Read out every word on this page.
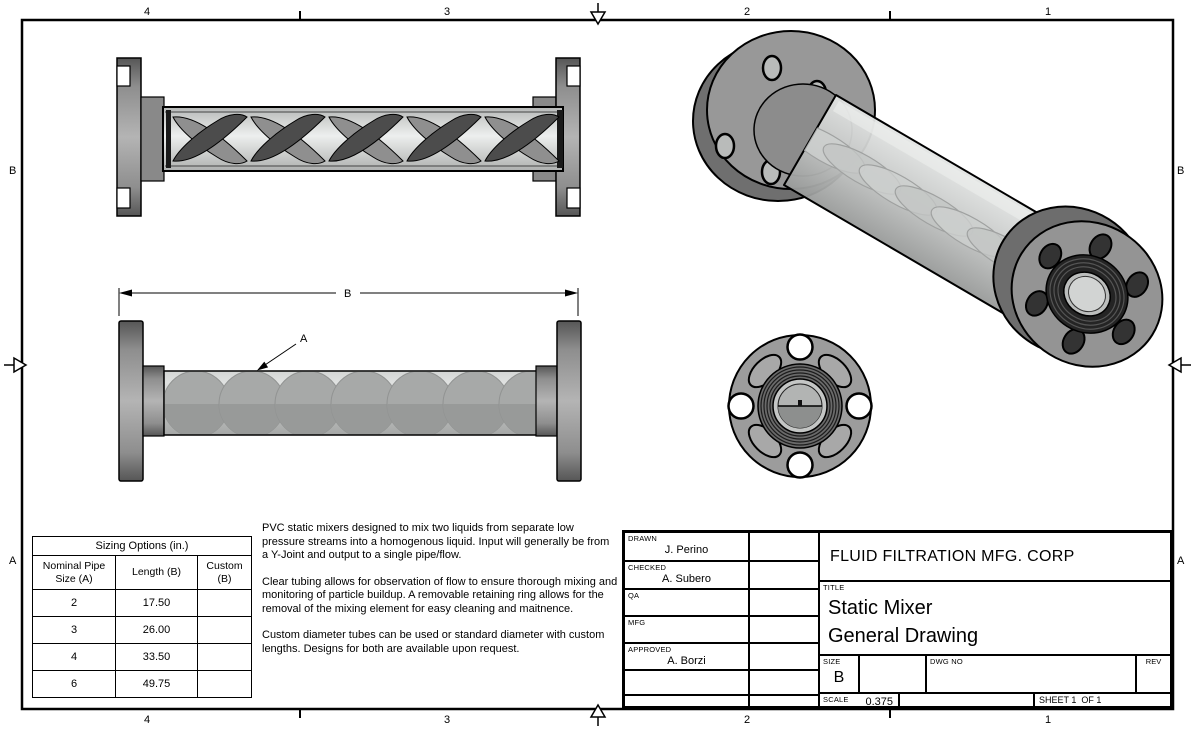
4	3	2	1
4	3	2	1
B
A
B
A
B
A
Sizing Options (in.)		
Nominal Pipe Size (A)	Length (B)	Custom (B)
2	17.50	
3	26.00	
4	33.50	
6	49.75	

PVC static mixers designed to mix two liquids from separate low pressure streams into a homogenous liquid. Input will generally be from a Y-Joint and output to a single pipe/flow.

Clear tubing allows for observation of flow to ensure thorough mixing and monitoring of particle buildup. A removable retaining ring allows for the removal of the mixing element for easy cleaning and maitnence.

Custom diameter tubes can be used or standard diameter with custom lengths. Designs for both are available upon request.

DRAWN
J. Perino
CHECKED
A. Subero
QA
MFG
APPROVED
A. Borzi
FLUID FILTRATION MFG. CORP
TITLE
Static Mixer
General Drawing
SIZE
B
DWG NO	REV
SCALE 0.375	SHEET 1  OF 1
